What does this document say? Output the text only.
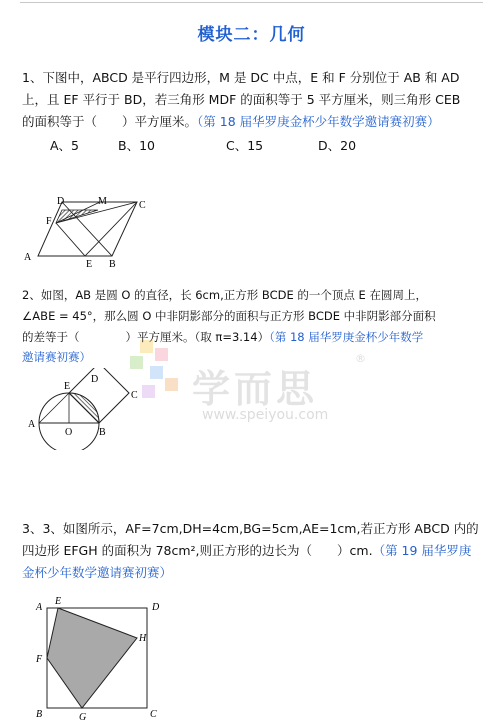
学而思
®
www.speiyou.com
模块二：几何
1、下图中，ABCD 是平行四边形，M 是 DC 中点，E 和 F 分别位于 AB 和 AD
上，且 EF 平行于 BD，若三角形 MDF 的面积等于 5 平方厘米，则三角形 CEB
的面积等于（　　）平方厘米。（第 18 届华罗庚金杯少年数学邀请赛初赛）
A、5	B、10	C、15	D、20
D	M	C
F
A
E B
2、如图，AB 是圆 O 的直径，长 6cm,正方形 BCDE 的一个顶点 E 在圆周上，
∠ABE = 45°，那么圆 O 中非阴影部分的面积与正方形 BCDE 中非阴影部分面积
的差等于（　　　　）平方厘米。（取 π=3.14）（第 18 届华罗庚金杯少年数学
邀请赛初赛）
D
E
C
A
O	B
3、3、如图所示，AF=7cm,DH=4cm,BG=5cm,AE=1cm,若正方形 ABCD 内的
四边形 EFGH 的面积为 78cm²,则正方形的边长为（　　）cm.（第 19 届华罗庚
金杯少年数学邀请赛初赛）
A
E
D
H
F
B	G	C
